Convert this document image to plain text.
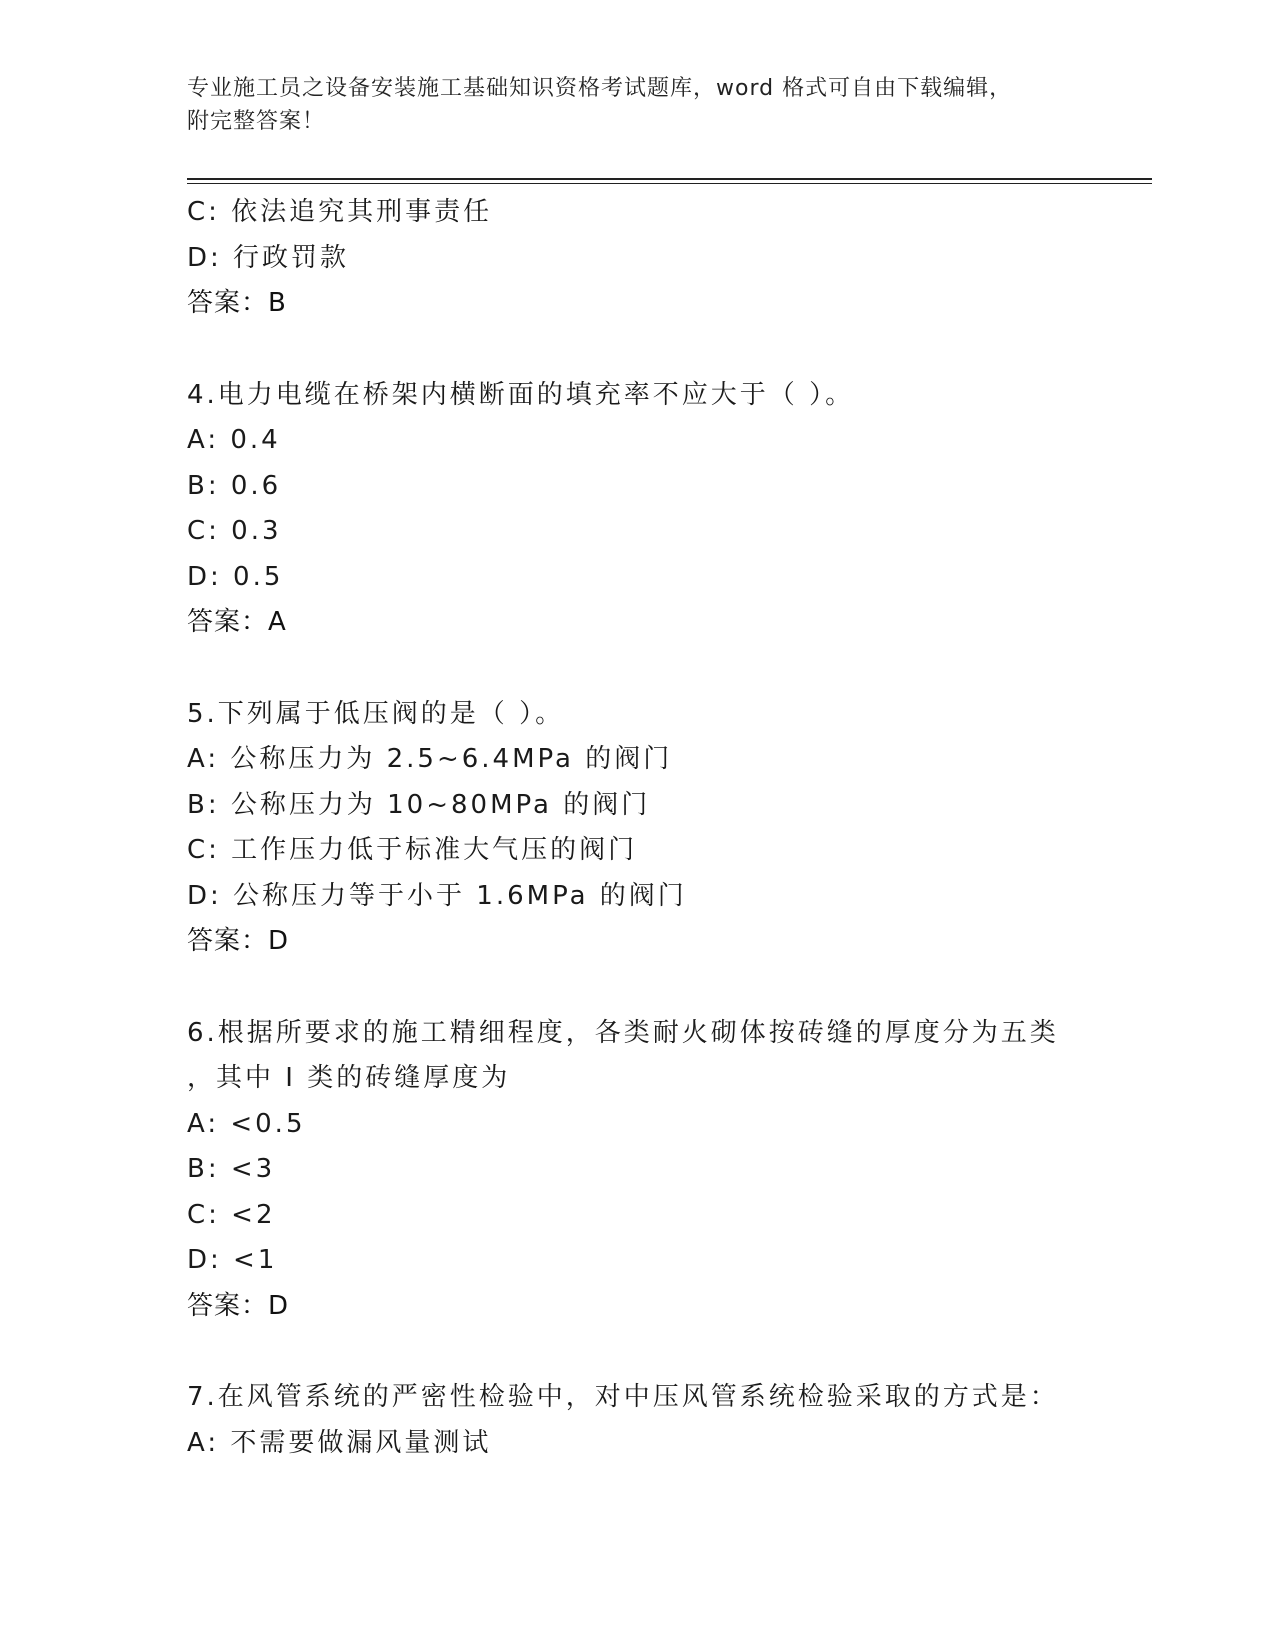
专业施工员之设备安装施工基础知识资格考试题库，word 格式可自由下载编辑，
附完整答案！
C: 依法追究其刑事责任
D: 行政罚款
答案：B
4.电力电缆在桥架内横断面的填充率不应大于（ ）。
A: 0.4
B: 0.6
C: 0.3
D: 0.5
答案：A
5.下列属于低压阀的是（ ）。
A: 公称压力为 2.5~6.4MPa 的阀门
B: 公称压力为 10~80MPa 的阀门
C: 工作压力低于标准大气压的阀门
D: 公称压力等于小于 1.6MPa 的阀门
答案：D
6.根据所要求的施工精细程度，各类耐火砌体按砖缝的厚度分为五类
，其中 I 类的砖缝厚度为
A: <0.5
B: <3
C: <2
D: <1
答案：D
7.在风管系统的严密性检验中，对中压风管系统检验采取的方式是：
A: 不需要做漏风量测试
